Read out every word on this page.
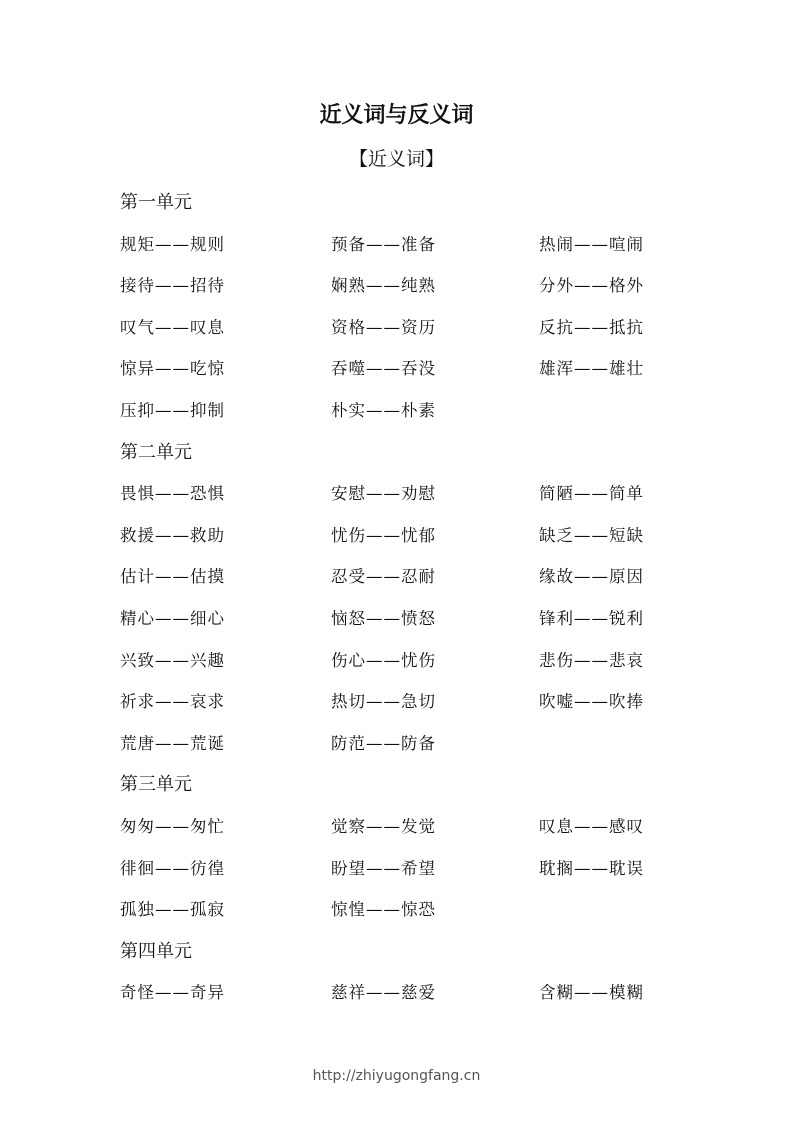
近义词与反义词
【近义词】
第一单元
规矩——规则	预备——准备	热闹——喧闹
接待——招待	娴熟——纯熟	分外——格外
叹气——叹息	资格——资历	反抗——抵抗
惊异——吃惊	吞噬——吞没	雄浑——雄壮
压抑——抑制	朴实——朴素
第二单元
畏惧——恐惧	安慰——劝慰	简陋——简单
救援——救助	忧伤——忧郁	缺乏——短缺
估计——估摸	忍受——忍耐	缘故——原因
精心——细心	恼怒——愤怒	锋利——锐利
兴致——兴趣	伤心——忧伤	悲伤——悲哀
祈求——哀求	热切——急切	吹嘘——吹捧
荒唐——荒诞	防范——防备
第三单元
匆匆——匆忙	觉察——发觉	叹息——感叹
徘徊——彷徨	盼望——希望	耽搁——耽误
孤独——孤寂	惊惶——惊恐
第四单元
奇怪——奇异	慈祥——慈爱	含糊——模糊
http://zhiyugongfang.cn
